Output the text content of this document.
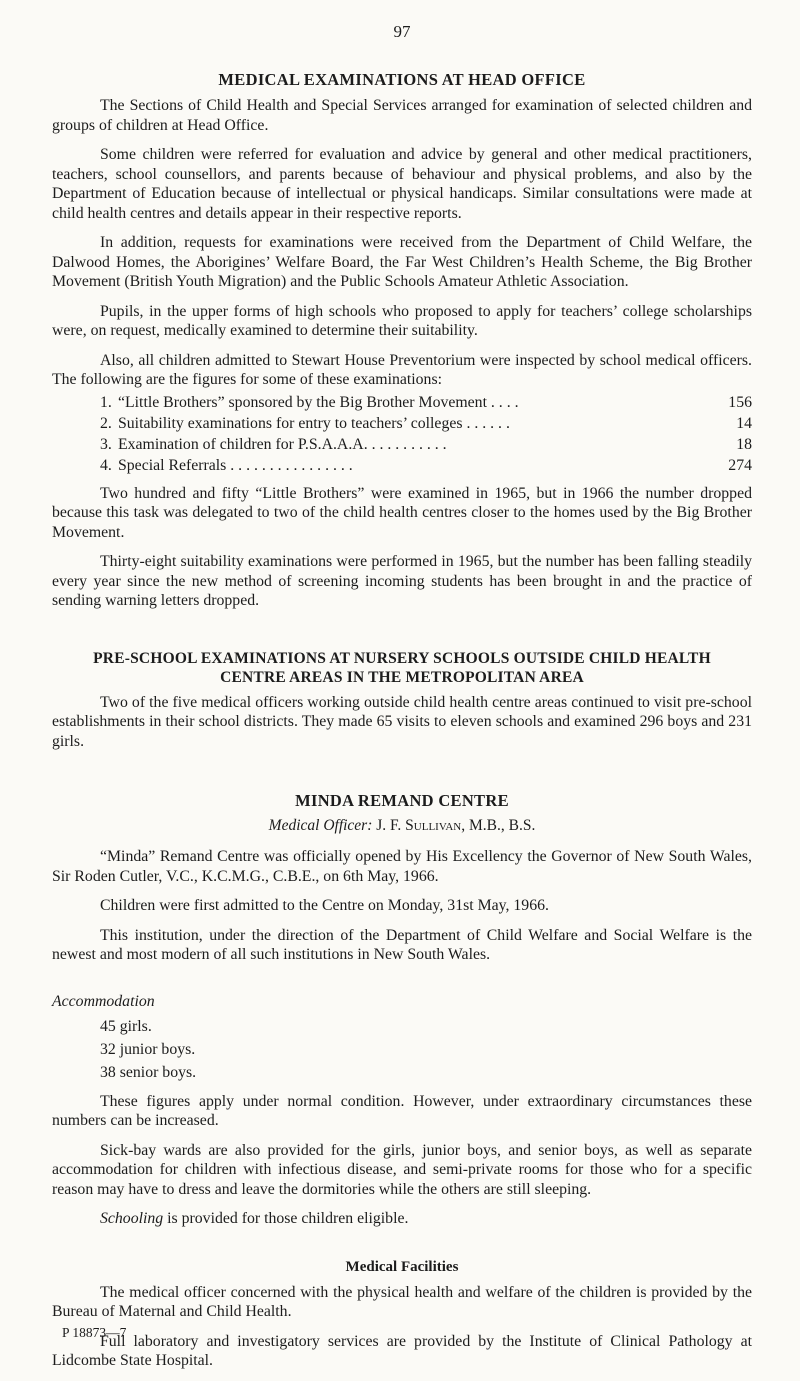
97
MEDICAL EXAMINATIONS AT HEAD OFFICE

The Sections of Child Health and Special Services arranged for examination of selected children and groups of children at Head Office.

Some children were referred for evaluation and advice by general and other medical practitioners, teachers, school counsellors, and parents because of behaviour and physical problems, and also by the Department of Education because of intellectual or physical handicaps. Similar consultations were made at child health centres and details appear in their respective reports.

In addition, requests for examinations were received from the Department of Child Welfare, the Dalwood Homes, the Aborigines’ Welfare Board, the Far West Children’s Health Scheme, the Big Brother Movement (British Youth Migration) and the Public Schools Amateur Athletic Association.

Pupils, in the upper forms of high schools who proposed to apply for teachers’ college scholarships were, on request, medically examined to determine their suitability.

Also, all children admitted to Stewart House Preventorium were inspected by school medical officers. The following are the figures for some of these examinations:

1. “Little Brothers” sponsored by the Big Brother Movement . . . .	156
2. Suitability examinations for entry to teachers’ colleges . . . . . .	14
3. Examination of children for P.S.A.A.A. . . . . . . . . . .	18
4. Special Referrals . . . . . . . . . . . . . . . .	274

Two hundred and fifty “Little Brothers” were examined in 1965, but in 1966 the number dropped because this task was delegated to two of the child health centres closer to the homes used by the Big Brother Movement.

Thirty-eight suitability examinations were performed in 1965, but the number has been falling steadily every year since the new method of screening incoming students has been brought in and the practice of sending warning letters dropped.

PRE-SCHOOL EXAMINATIONS AT NURSERY SCHOOLS OUTSIDE CHILD HEALTH
CENTRE AREAS IN THE METROPOLITAN AREA

Two of the five medical officers working outside child health centre areas continued to visit pre-school establishments in their school districts. They made 65 visits to eleven schools and examined 296 boys and 231 girls.

MINDA REMAND CENTRE
Medical Officer: J. F. Sullivan, M.B., B.S.

“Minda” Remand Centre was officially opened by His Excellency the Governor of New South Wales, Sir Roden Cutler, V.C., K.C.M.G., C.B.E., on 6th May, 1966.

Children were first admitted to the Centre on Monday, 31st May, 1966.

This institution, under the direction of the Department of Child Welfare and Social Welfare is the newest and most modern of all such institutions in New South Wales.

Accommodation
45 girls.
32 junior boys.
38 senior boys.

These figures apply under normal condition. However, under extraordinary circumstances these numbers can be increased.

Sick-bay wards are also provided for the girls, junior boys, and senior boys, as well as separate accommodation for children with infectious disease, and semi-private rooms for those who for a specific reason may have to dress and leave the dormitories while the others are still sleeping.

Schooling is provided for those children eligible.

Medical Facilities

The medical officer concerned with the physical health and welfare of the children is provided by the Bureau of Maternal and Child Health.

Full laboratory and investigatory services are provided by the Institute of Clinical Pathology at Lidcombe State Hospital.

P 18873—7
